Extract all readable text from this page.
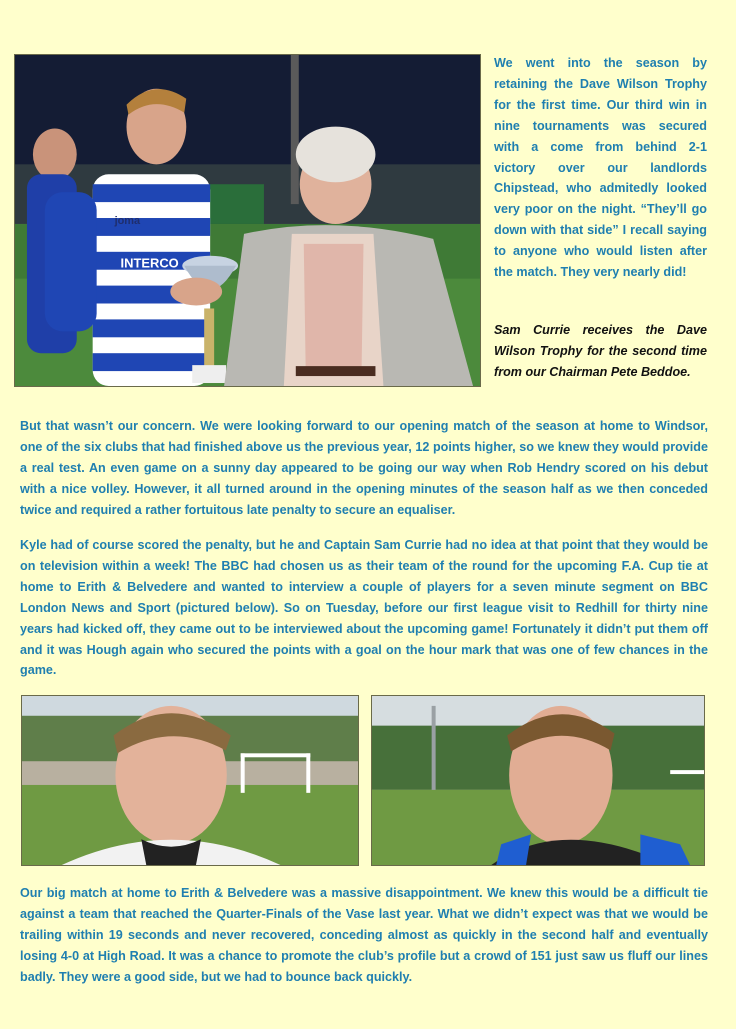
joma
INTERCO

We went into the season by retaining the Dave Wilson Trophy for the first time. Our third win in nine tournaments was secured with a come from behind 2-1 victory over our landlords Chipstead, who admitedly looked very poor on the night. “They’ll go down with that side” I recall saying to anyone who would listen after the match. They very nearly did!

Sam Currie receives the Dave Wilson Trophy for the second time from our Chairman Pete Beddoe.

But that wasn’t our concern. We were looking forward to our opening match of the season at home to Windsor, one of the six clubs that had finished above us the previous year, 12 points higher, so we knew they would provide a real test. An even game on a sunny day appeared to be going our way when Rob Hendry scored on his debut with a nice volley. However, it all turned around in the opening minutes of the season half as we then conceded twice and required a rather fortuitous late penalty to secure an equaliser.

Kyle had of course scored the penalty, but he and Captain Sam Currie had no idea at that point that they would be on television within a week! The BBC had chosen us as their team of the round for the upcoming F.A. Cup tie at home to Erith & Belvedere and wanted to interview a couple of players for a seven minute segment on BBC London News and Sport (pictured below). So on Tuesday, before our first league visit to Redhill for thirty nine years had kicked off, they came out to be interviewed about the upcoming game! Fortunately it didn’t put them off and it was Hough again who secured the points with a goal on the hour mark that was one of few chances in the game.

Our big match at home to Erith & Belvedere was a massive disappointment. We knew this would be a difficult tie against a team that reached the Quarter-Finals of the Vase last year. What we didn’t expect was that we would be trailing within 19 seconds and never recovered, conceding almost as quickly in the second half and eventually losing 4-0 at High Road. It was a chance to promote the club’s profile but a crowd of 151 just saw us fluff our lines badly. They were a good side, but we had to bounce back quickly.
